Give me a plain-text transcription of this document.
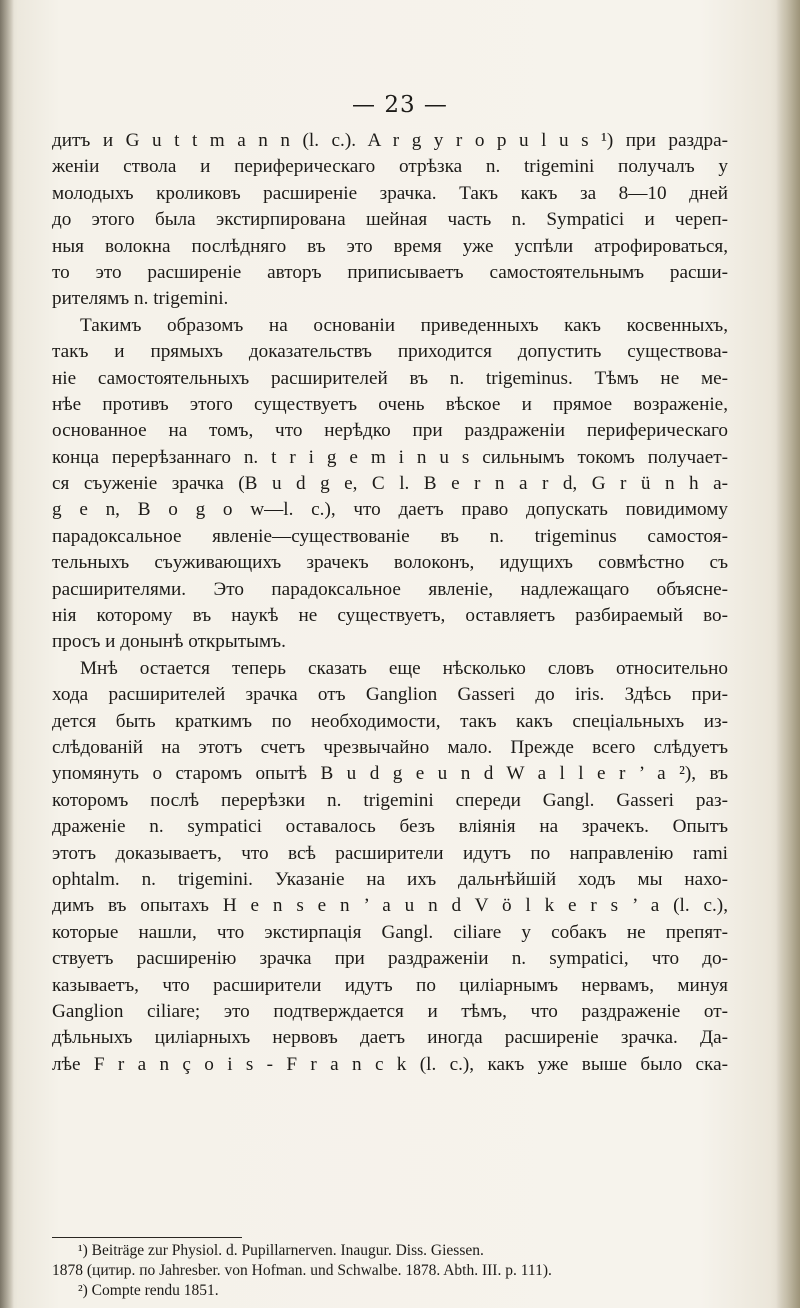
— 23 —
дитъ и G u t t m a n n (l. c.). A r g y r o p u l u s ¹) при раздра-
женіи ствола и периферическаго отрѣзка n. trigemini получалъ у
молодыхъ кроликовъ расширеніе зрачка. Такъ какъ за 8—10 дней
до этого была экстирпирована шейная часть n. Sympatici и череп-
ныя волокна послѣдняго въ это время уже успѣли атрофироваться,
то это расширеніе авторъ приписываетъ самостоятельнымъ расши-
рителямъ n. trigemini.
Такимъ образомъ на основаніи приведенныхъ какъ косвенныхъ,
такъ и прямыхъ доказательствъ приходится допустить существова-
ніе самостоятельныхъ расширителей въ n. trigeminus. Тѣмъ не ме-
нѣе противъ этого существуетъ очень вѣское и прямое возраженіе,
основанное на томъ, что нерѣдко при раздраженіи периферическаго
конца перерѣзаннаго n. t r i g e m i n u s сильнымъ токомъ получает-
ся съуженіе зрачка (B u d g e, C l. B e r n a r d, G r ü n h a-
g e n, B o g o w—l. c.), что даетъ право допускать повидимому
парадоксальное явленіе—существованіе въ n. trigeminus самостоя-
тельныхъ съуживающихъ зрачекъ волоконъ, идущихъ совмѣстно съ
расширителями. Это парадоксальное явленіе, надлежащаго объясне-
нія которому въ наукѣ не существуетъ, оставляетъ разбираемый во-
просъ и донынѣ открытымъ.
Мнѣ остается теперь сказать еще нѣсколько словъ относительно
хода расширителей зрачка отъ Ganglion Gasseri до iris. Здѣсь при-
дется быть краткимъ по необходимости, такъ какъ спеціальныхъ из-
слѣдованій на этотъ счетъ чрезвычайно мало. Прежде всего слѣдуетъ
упомянуть о старомъ опытѣ B u d g e u n d W a l l e r ’ a ²), въ
которомъ послѣ перерѣзки n. trigemini спереди Gangl. Gasseri раз-
драженіе n. sympatici оставалось безъ вліянія на зрачекъ. Опытъ
этотъ доказываетъ, что всѣ расширители идутъ по направленію rami
ophtalm. n. trigemini. Указаніе на ихъ дальнѣйшій ходъ мы нахо-
димъ въ опытахъ H e n s e n ’ a u n d V ö l k e r s ’ a (l. c.),
которые нашли, что экстирпація Gangl. ciliare у собакъ не препят-
ствуетъ расширенію зрачка при раздраженіи n. sympatici, что до-
казываетъ, что расширители идутъ по циліарнымъ нервамъ, минуя
Ganglion ciliare; это подтверждается и тѣмъ, что раздраженіе от-
дѣльныхъ циліарныхъ нервовъ даетъ иногда расширеніе зрачка. Да-
лѣе F r a n ç o i s - F r a n c k (l. c.), какъ уже выше было ска-
¹) Beiträge zur Physiol. d. Pupillarnerven. Inaugur. Diss. Giessen.
1878 (цитир. по Jahresber. von Hofman. und Schwalbe. 1878. Abth. III. p. 111).
²) Compte rendu 1851.
